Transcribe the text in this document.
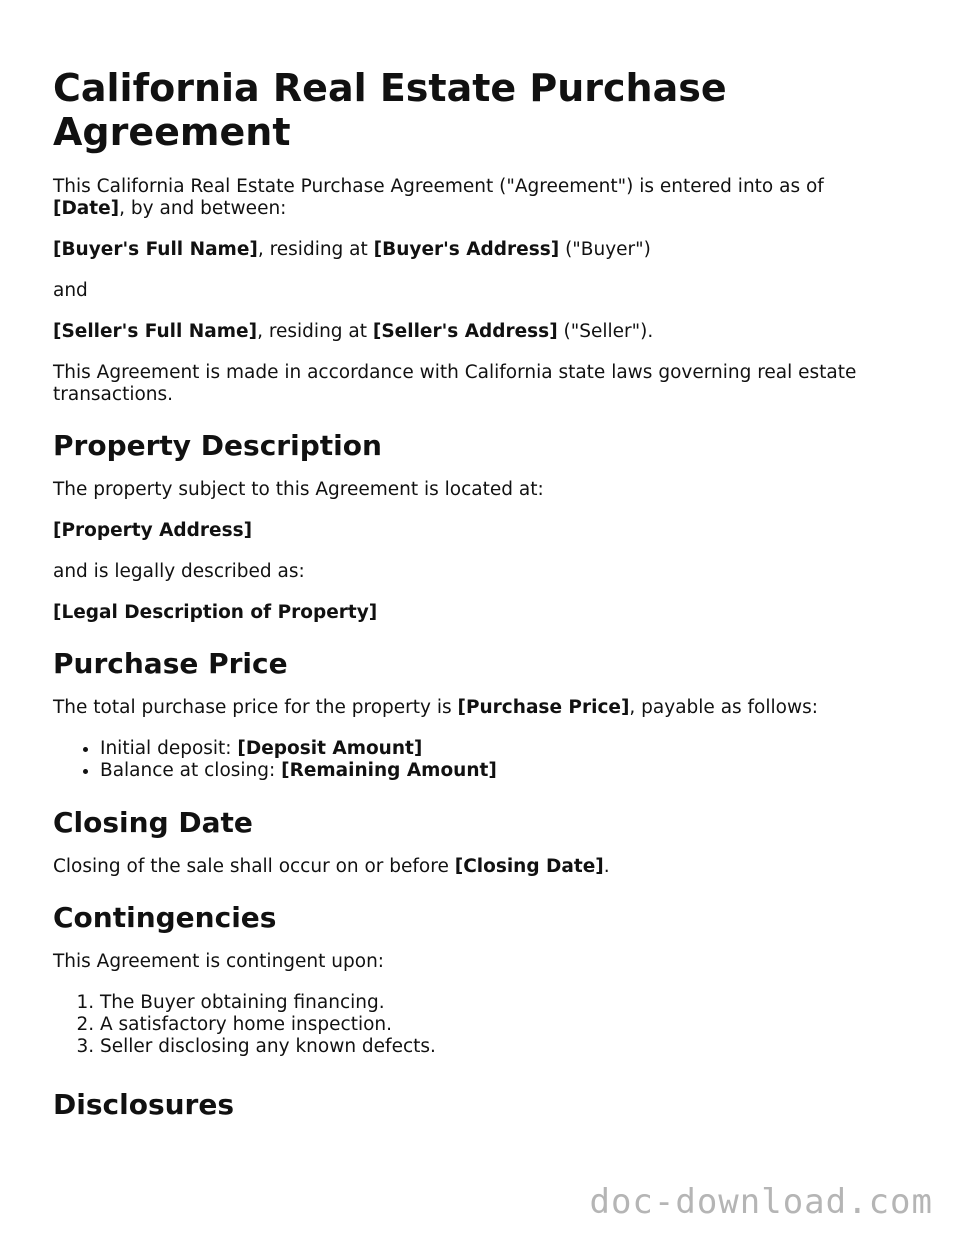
California Real Estate Purchase Agreement

This California Real Estate Purchase Agreement ("Agreement") is entered into as of [Date], by and between:

[Buyer's Full Name], residing at [Buyer's Address] ("Buyer")

and

[Seller's Full Name], residing at [Seller's Address] ("Seller").

This Agreement is made in accordance with California state laws governing real estate transactions.

Property Description

The property subject to this Agreement is located at:

[Property Address]

and is legally described as:

[Legal Description of Property]

Purchase Price

The total purchase price for the property is [Purchase Price], payable as follows:

• Initial deposit: [Deposit Amount]
• Balance at closing: [Remaining Amount]
Closing Date

Closing of the sale shall occur on or before [Closing Date].

Contingencies

This Agreement is contingent upon:

1. The Buyer obtaining financing.
2. A satisfactory home inspection.
3. Seller disclosing any known defects.
Disclosures
doc-download.com
